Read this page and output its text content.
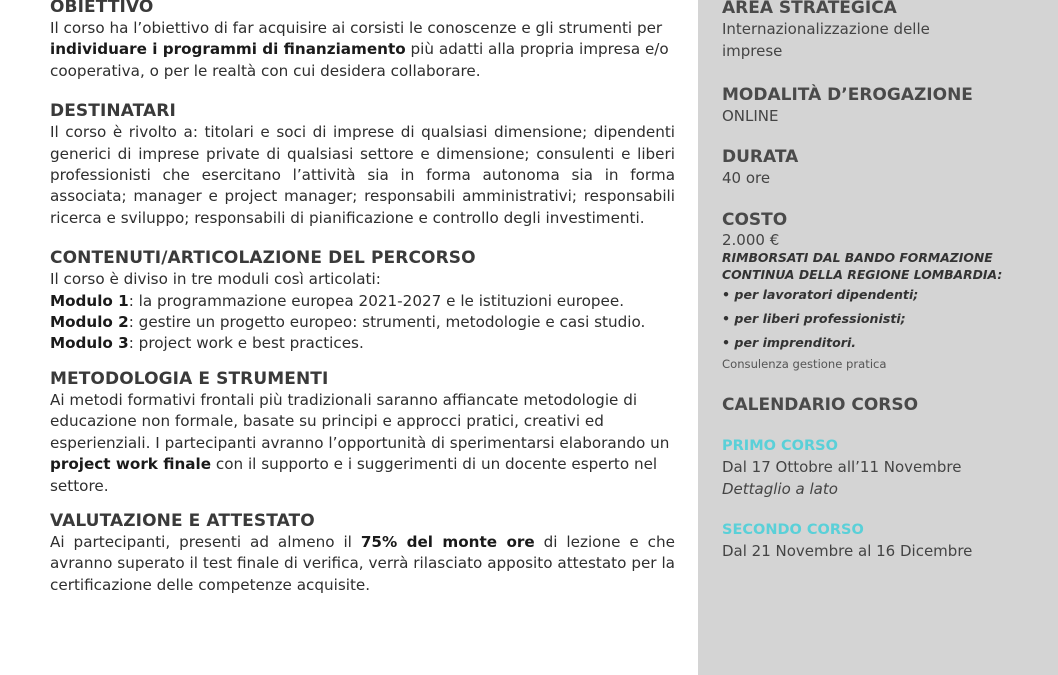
OBIETTIVO

Il corso ha l’obiettivo di far acquisire ai corsisti le conoscenze e gli strumenti per individuare i programmi di finanziamento più adatti alla propria impresa e/o cooperativa, o per le realtà con cui desidera collaborare.

DESTINATARI

Il corso è rivolto a: titolari e soci di imprese di qualsiasi dimensione; dipendenti generici di imprese private di qualsiasi settore e dimensione; consulenti e liberi professionisti che esercitano l’attività sia in forma autonoma sia in forma associata; manager e project manager; responsabili amministrativi; responsabili ricerca e sviluppo; responsabili di pianificazione e controllo degli investimenti.

CONTENUTI/ARTICOLAZIONE DEL PERCORSO

Il corso è diviso in tre moduli così articolati:

Modulo 1: la programmazione europea 2021-2027 e le istituzioni europee.

Modulo 2: gestire un progetto europeo: strumenti, metodologie e casi studio.

Modulo 3: project work e best practices.

METODOLOGIA E STRUMENTI

Ai metodi formativi frontali più tradizionali saranno affiancate metodologie di educazione non formale, basate su principi e approcci pratici, creativi ed esperienziali. I partecipanti avranno l’opportunità di sperimentarsi elaborando un project work finale con il supporto e i suggerimenti di un docente esperto nel settore.

VALUTAZIONE E ATTESTATO

Ai partecipanti, presenti ad almeno il 75% del monte ore di lezione e che avranno superato il test finale di verifica, verrà rilasciato apposito attestato per la certificazione delle competenze acquisite.

AREA STRATEGICA

Internazionalizzazione delle

imprese

MODALITÀ D’EROGAZIONE

ONLINE

DURATA

40 ore

COSTO

2.000 €

RIMBORSATI DAL BANDO FORMAZIONE

CONTINUA DELLA REGIONE LOMBARDIA:

• per lavoratori dipendenti;

• per liberi professionisti;

• per imprenditori.

Consulenza gestione pratica

CALENDARIO CORSO

PRIMO CORSO

Dal 17 Ottobre all’11 Novembre

Dettaglio a lato

SECONDO CORSO

Dal 21 Novembre al 16 Dicembre
